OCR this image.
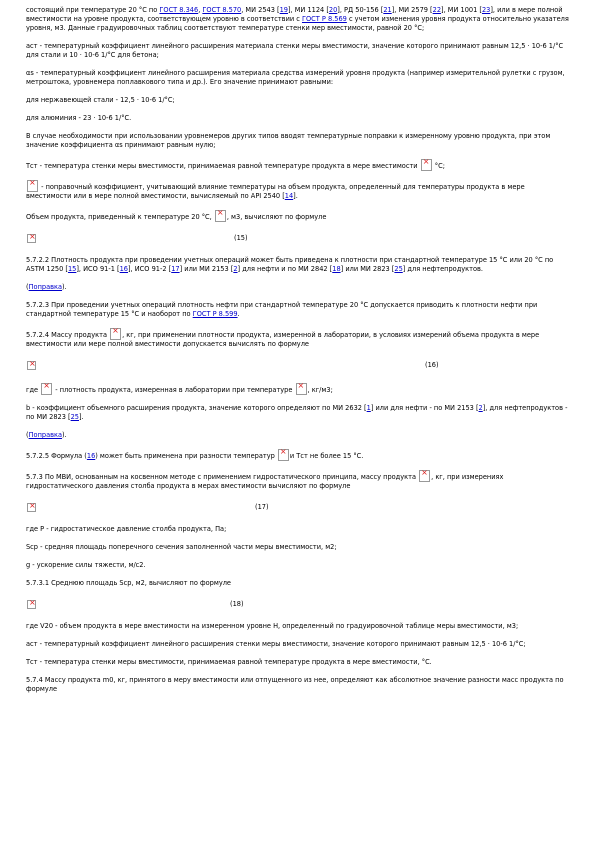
состоящий при температуре 20 °С по ГОСТ 8.346, ГОСТ 8.570, МИ 2543 [19], МИ 1124 [20], РД 50-156 [21], МИ 2579 [22], МИ 1001 [23], или в мере полной вместимости на уровне продукта, соответствующем уровню в соответствии с ГОСТ Р 8.569 с учетом изменения уровня продукта относительно указателя уровня, м3. Данные градуировочных таблиц соответствуют температуре стенки мер вместимости, равной 20 °С;

аст - температурный коэффициент линейного расширения материала стенки меры вместимости, значение которого принимают равным 12,5 · 10-6 1/°С для стали и 10 · 10-6 1/°С для бетона;

αs - температурный коэффициент линейного расширения материала средства измерений уровня продукта (например измерительной рулетки с грузом, метроштока, уровнемера поплавкового типа и др.). Его значение принимают равными:

для нержавеющей стали - 12,5 · 10-6 1/°С;

для алюминия - 23 · 10-6 1/°С.

В случае необходимости при использовании уровнемеров других типов вводят температурные поправки к измеренному уровню продукта, при этом значение коэффициента αs принимают равным нулю;

Тст - температура стенки меры вместимости, принимаемая равной температуре продукта в мере вместимости ×	°С;

× - поправочный коэффициент, учитывающий влияние температуры на объем продукта, определенный для температуры продукта в мере вместимости или в мере полной вместимости, вычисляемый по API 2540 [14].

Объем продукта, приведенный к температуре 20 °С, × , м3, вычисляют по формуле

×
(15)

5.7.2.2 Плотность продукта при проведении учетных операций может быть приведена к плотности при стандартной температуре 15 °С или 20 °С по ASTM 1250 [15], ИСО 91-1 [16], ИСО 91-2 [17] или МИ 2153 [2] для нефти и по МИ 2842 [18] или МИ 2823 [25] для нефтепродуктов.

(Поправка).

5.7.2.3 При проведении учетных операций плотность нефти при стандартной температуре 20 °С допускается приводить к плотности нефти при стандартной температуре 15 °С и наоборот по ГОСТ Р 8.599.

5.7.2.4 Массу продукта × , кг, при применении плотности продукта, измеренной в лаборатории, в условиях измерений объема продукта в мере вместимости или мере полной вместимости допускается вычислять по формуле

×
(16)

где × - плотность продукта, измеренная в лаборатории при температуре × , кг/м3;

b - коэффициент объемного расширения продукта, значение которого определяют по МИ 2632 [1] или для нефти - по МИ 2153 [2], для нефтепродуктов - по МИ 2823 [25].

(Поправка).

5.7.2.5 Формула (16) может быть применена при разности температур × и Тст не более 15 °С.

5.7.3 По МВИ, основанным на косвенном методе с применением гидростатического принципа, массу продукта × , кг, при измерениях гидростатического давления столба продукта в мерах вместимости вычисляют по формуле

×
(17)

где P - гидростатическое давление столба продукта, Па;

Sср - средняя площадь поперечного сечения заполненной части меры вместимости, м2;

g - ускорение силы тяжести, м/с2.

5.7.3.1 Среднюю площадь Sср, м2, вычисляют по формуле

×
(18)

где V20 - объем продукта в мере вместимости на измеренном уровне Н, определенный по градуировочной таблице меры вместимости, м3;

аст - температурный коэффициент линейного расширения стенки меры вместимости, значение которого принимают равным 12,5 · 10-6 1/°С;

Тст - температура стенки меры вместимости, принимаемая равной температуре продукта в мере вместимости, °С.

5.7.4 Массу продукта m0, кг, принятого в меру вместимости или отпущенного из нее, определяют как абсолютное значение разности масс продукта по формуле
